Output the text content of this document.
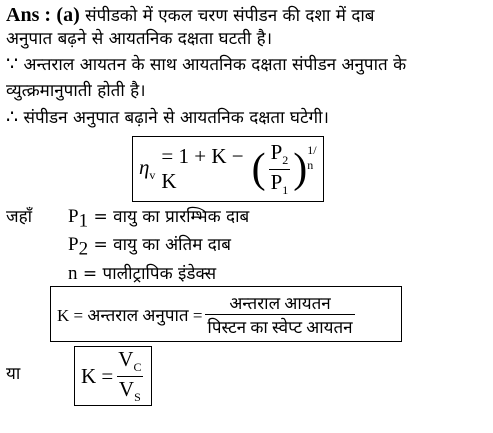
Ans : (a) संपीडको में एकल चरण संपीडन की दशा में दाब
अनुपात बढ़ने से आयतनिक दक्षता घटती है।
∵ अन्तराल आयतन के साथ आयतनिक दक्षता संपीडन अनुपात के
व्युत्क्रमानुपाती होती है।
∴ संपीडन अनुपात बढ़ाने से आयतनिक दक्षता घटेगी।
$\eta_v$
= 1 + K − K	( $\frac{P_2}{P_1}$ ) 1/ n
जहाँ	$P_1$ = वायु का प्रारम्भिक दाब
$P_2$ = वायु का अंतिम दाब
n = पालीट्रापिक इंडेक्स
K = अन्तराल अनुपात = $\frac{\text{अन्तराल आयतन}}{\text{पिस्टन का स्वेप्ट आयतन}}$
या	$K = \frac{V_C}{V_S}$
